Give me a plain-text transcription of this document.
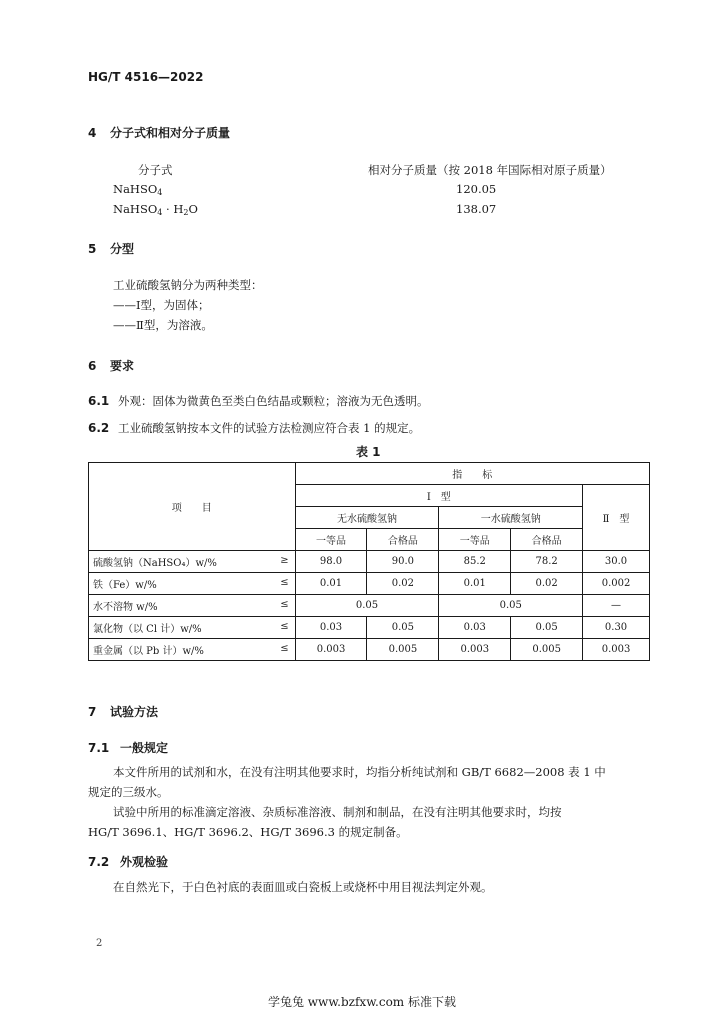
HG/T 4516—2022
4 分子式和相对分子质量
分子式	相对分子质量（按 2018 年国际相对原子质量）
NaHSO$_4$	120.05
NaHSO$_4$ · $H_2O$	138.07
5 分型
工业硫酸氢钠分为两种类型：
——Ⅰ型，为固体；
——Ⅱ型，为溶液。
6 要求
6.1 外观：固体为微黄色至类白色结晶或颗粒；溶液为无色透明。
6.2 工业硫酸氢钠按本文件的试验方法检测应符合表 1 的规定。
表 1
项　　目	指　　标				
	Ⅰ　型				Ⅱ　型
	无水硫酸氢钠		一水硫酸氢钠		
	一等品	合格品	一等品	合格品	
硫酸氢钠（NaHSO₄）w/% ≥	98.0	90.0	85.2	78.2	30.0
铁（Fe）w/% ≤	0.01	0.02	0.01	0.02	0.002
水不溶物 w/% ≤	0.05		0.05		—
氯化物（以 Cl 计）w/% ≤	0.03	0.05	0.03	0.05	0.30
重金属（以 Pb 计）w/% ≤	0.003	0.005	0.003	0.005	0.003
7 试验方法
7.1 一般规定
本文件所用的试剂和水，在没有注明其他要求时，均指分析纯试剂和 GB/T 6682—2008 表 1 中
规定的三级水。
试验中所用的标准滴定溶液、杂质标准溶液、制剂和制品，在没有注明其他要求时，均按
HG/T 3696.1、HG/T 3696.2、HG/T 3696.3 的规定制备。
7.2 外观检验
在自然光下，于白色衬底的表面皿或白瓷板上或烧杯中用目视法判定外观。
2
学兔兔 www.bzfxw.com 标准下载
